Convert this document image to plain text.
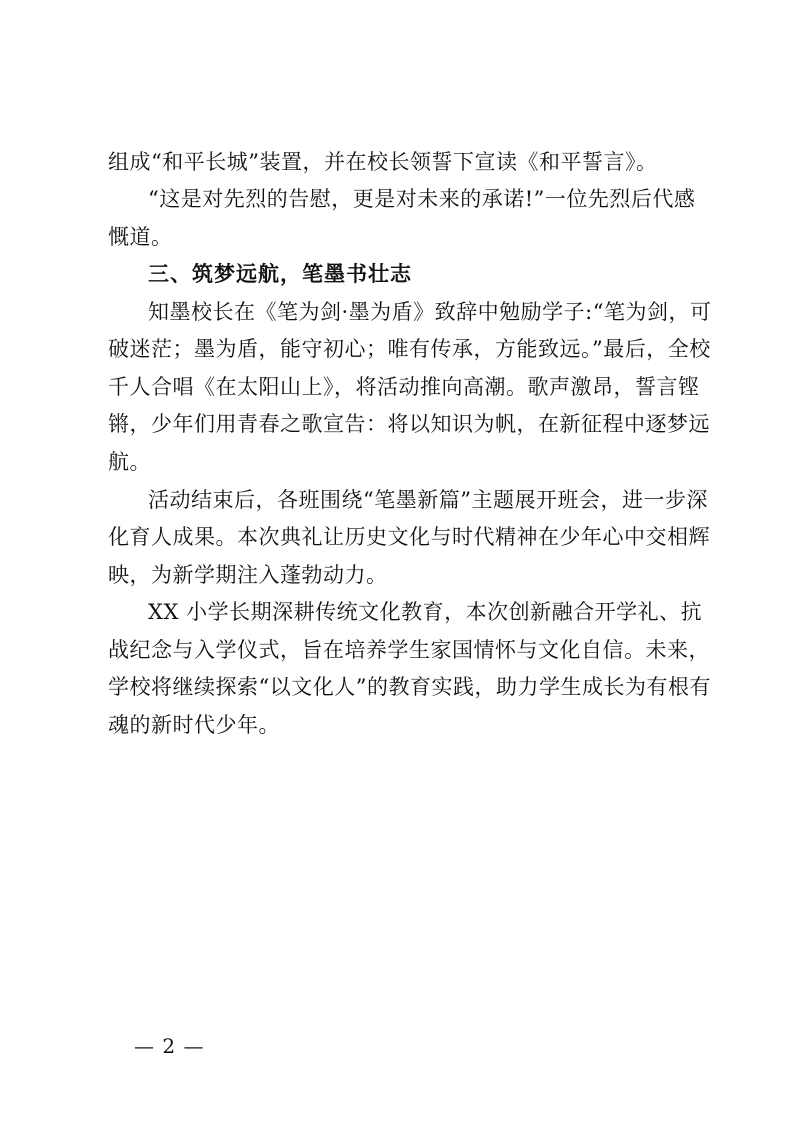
组成“和平长城”装置，并在校长领誓下宣读《和平誓言》。
“这是对先烈的告慰，更是对未来的承诺!”一位先烈后代感
慨道。
三、筑梦远航，笔墨书壮志
知墨校长在《笔为剑·墨为盾》致辞中勉励学子:“笔为剑，可
破迷茫；墨为盾，能守初心；唯有传承，方能致远。”最后，全校
千人合唱《在太阳山上》，将活动推向高潮。歌声激昂，誓言铿
锵，少年们用青春之歌宣告：将以知识为帆，在新征程中逐梦远
航。
活动结束后，各班围绕“笔墨新篇”主题展开班会，进一步深
化育人成果。本次典礼让历史文化与时代精神在少年心中交相辉
映，为新学期注入蓬勃动力。
XX 小学长期深耕传统文化教育，本次创新融合开学礼、抗
战纪念与入学仪式，旨在培养学生家国情怀与文化自信。未来，
学校将继续探索“以文化人”的教育实践，助力学生成长为有根有
魂的新时代少年。
— 2 —
